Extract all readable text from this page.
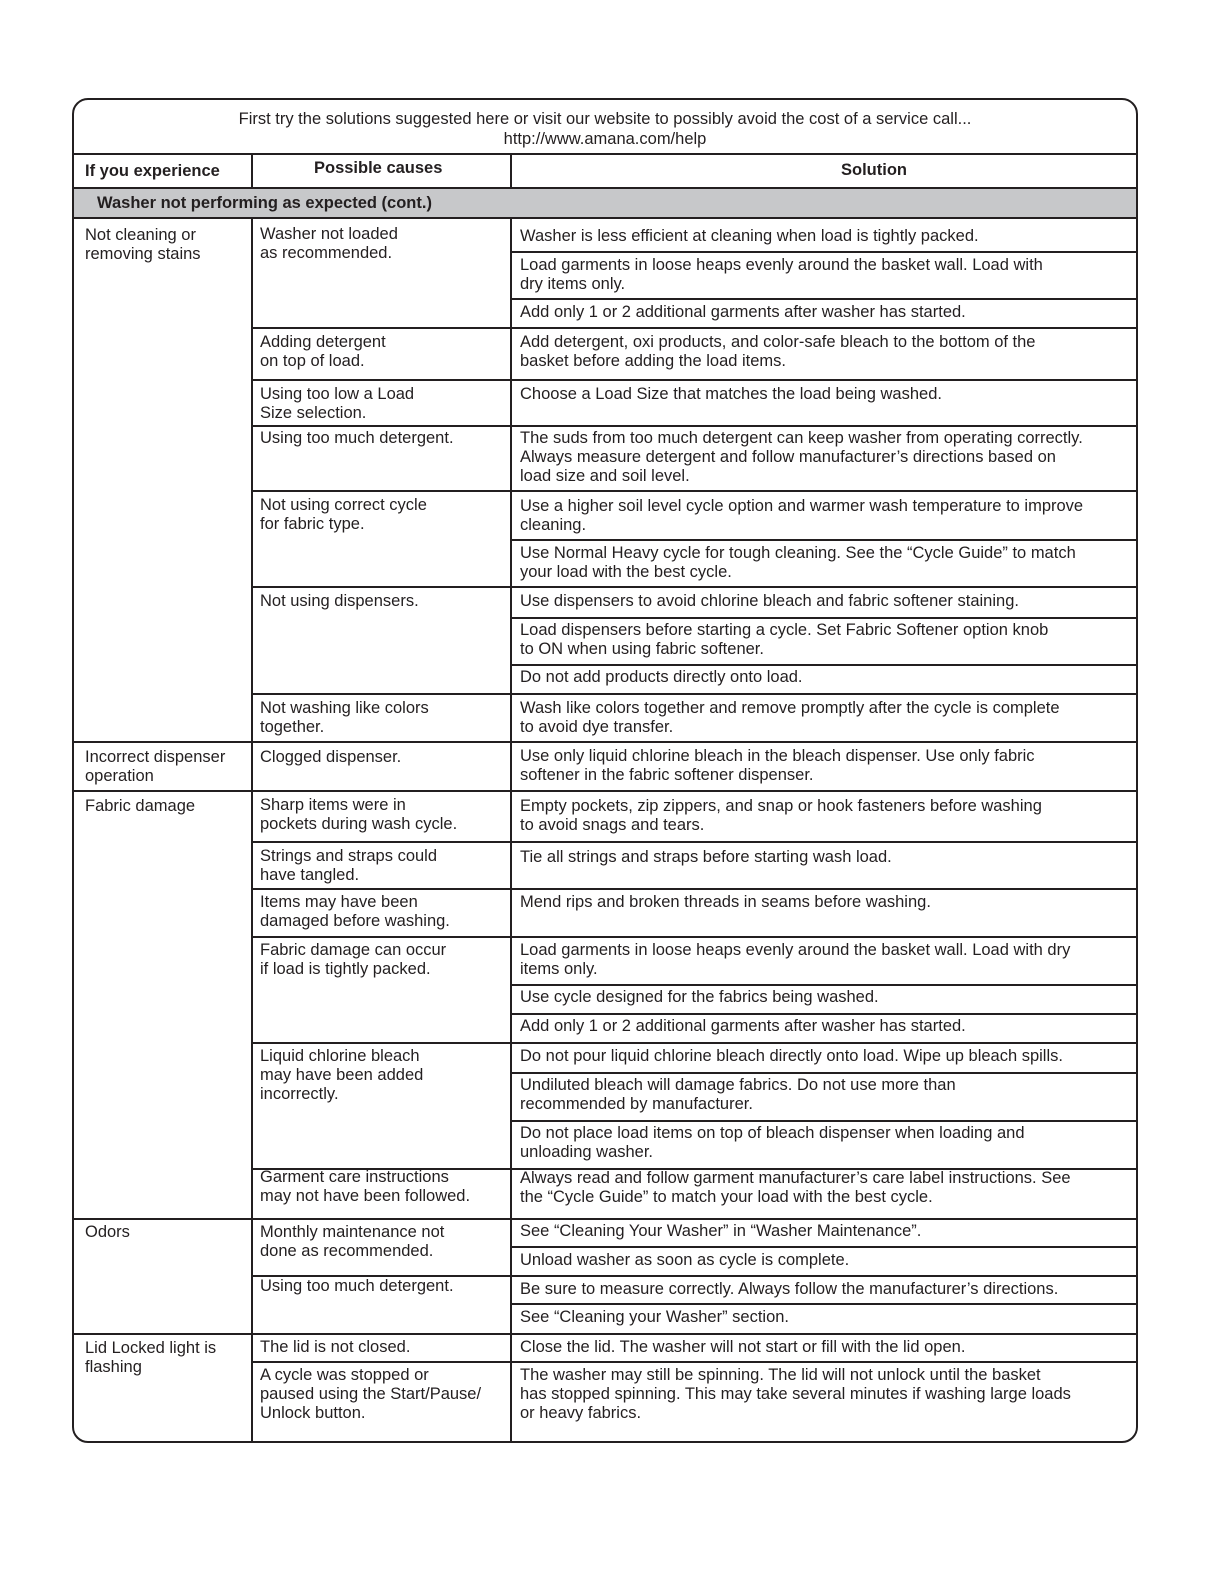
First try the solutions suggested here or visit our website to possibly avoid the cost of a service call...
http://www.amana.com/help
If you experience	Possible causes	Solution
Washer not performing as expected (cont.)
Not cleaning or
removing stains
Incorrect dispenser
operation
Fabric damage
Odors
Lid Locked light is
flashing
Washer not loaded
as recommended.
Adding detergent
on top of load.
Using too low a Load
Size selection.
Using too much detergent.
Not using correct cycle
for fabric type.
Not using dispensers.
Not washing like colors
together.
Clogged dispenser.
Sharp items were in
pockets during wash cycle.
Strings and straps could
have tangled.
Items may have been
damaged before washing.
Fabric damage can occur
if load is tightly packed.
Liquid chlorine bleach
may have been added
incorrectly.
Garment care instructions
may not have been followed.
Monthly maintenance not
done as recommended.
Using too much detergent.
The lid is not closed.
A cycle was stopped or
paused using the Start/Pause/
Unlock button.
Washer is less efficient at cleaning when load is tightly packed.
Load garments in loose heaps evenly around the basket wall. Load with
dry items only.
Add only 1 or 2 additional garments after washer has started.
Add detergent, oxi products, and color-safe bleach to the bottom of the
basket before adding the load items.
Choose a Load Size that matches the load being washed.
The suds from too much detergent can keep washer from operating correctly.
Always measure detergent and follow manufacturer’s directions based on
load size and soil level.
Use a higher soil level cycle option and warmer wash temperature to improve
cleaning.
Use Normal Heavy cycle for tough cleaning. See the “Cycle Guide” to match
your load with the best cycle.
Use dispensers to avoid chlorine bleach and fabric softener staining.
Load dispensers before starting a cycle. Set Fabric Softener option knob
to ON when using fabric softener.
Do not add products directly onto load.
Wash like colors together and remove promptly after the cycle is complete
to avoid dye transfer.
Use only liquid chlorine bleach in the bleach dispenser. Use only fabric
softener in the fabric softener dispenser.
Empty pockets, zip zippers, and snap or hook fasteners before washing
to avoid snags and tears.
Tie all strings and straps before starting wash load.
Mend rips and broken threads in seams before washing.
Load garments in loose heaps evenly around the basket wall. Load with dry
items only.
Use cycle designed for the fabrics being washed.
Add only 1 or 2 additional garments after washer has started.
Do not pour liquid chlorine bleach directly onto load. Wipe up bleach spills.
Undiluted bleach will damage fabrics. Do not use more than
recommended by manufacturer.
Do not place load items on top of bleach dispenser when loading and
unloading washer.
Always read and follow garment manufacturer’s care label instructions. See
the “Cycle Guide” to match your load with the best cycle.
See “Cleaning Your Washer” in “Washer Maintenance”.
Unload washer as soon as cycle is complete.
Be sure to measure correctly. Always follow the manufacturer’s directions.
See “Cleaning your Washer” section.
Close the lid. The washer will not start or fill with the lid open.
The washer may still be spinning. The lid will not unlock until the basket
has stopped spinning. This may take several minutes if washing large loads
or heavy fabrics.
